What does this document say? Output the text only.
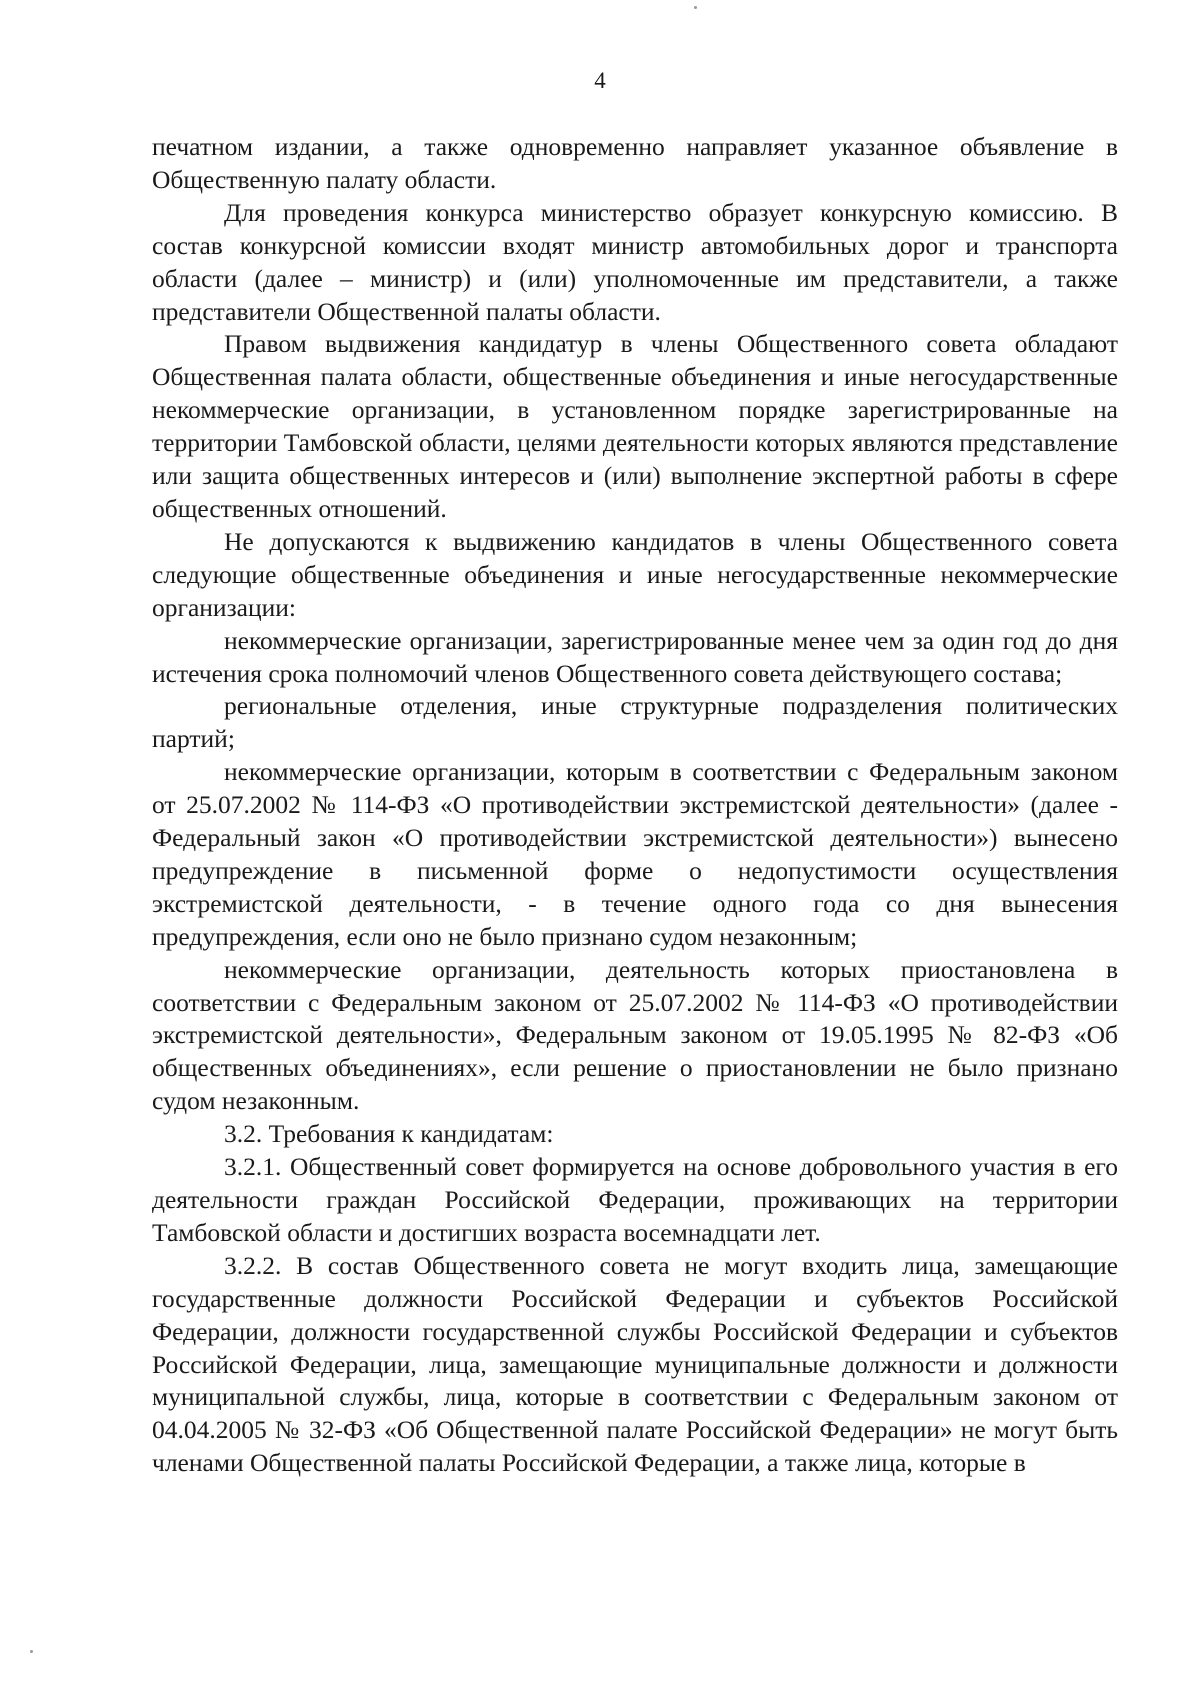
4

печатном издании, а также одновременно направляет указанное объявление в Общественную палату области.

Для проведения конкурса министерство образует конкурсную комиссию. В состав конкурсной комиссии входят министр автомобильных дорог и транспорта области (далее – министр) и (или) уполномоченные им представители, а также представители Общественной палаты области.

Правом выдвижения кандидатур в члены Общественного совета обладают Общественная палата области, общественные объединения и иные негосударственные некоммерческие организации, в установленном порядке зарегистрированные на территории Тамбовской области, целями деятельности которых являются представление или защита общественных интересов и (или) выполнение экспертной работы в сфере общественных отношений.

Не допускаются к выдвижению кандидатов в члены Общественного совета следующие общественные объединения и иные негосударственные некоммерческие организации:

некоммерческие организации, зарегистрированные менее чем за один год до дня истечения срока полномочий членов Общественного совета действующего состава;

региональные отделения, иные структурные подразделения политических партий;

некоммерческие организации, которым в соответствии с Федеральным законом от 25.07.2002 № 114-ФЗ «О противодействии экстремистской деятельности» (далее - Федеральный закон «О противодействии экстремистской деятельности») вынесено предупреждение в письменной форме о недопустимости осуществления экстремистской деятельности, - в течение одного года со дня вынесения предупреждения, если оно не было признано судом незаконным;

некоммерческие организации, деятельность которых приостановлена в соответствии с Федеральным законом от 25.07.2002 № 114-ФЗ «О противодействии экстремистской деятельности», Федеральным законом от 19.05.1995 № 82-ФЗ «Об общественных объединениях», если решение о приостановлении не было признано судом незаконным.

3.2. Требования к кандидатам:

3.2.1. Общественный совет формируется на основе добровольного участия в его деятельности граждан Российской Федерации, проживающих на территории Тамбовской области и достигших возраста восемнадцати лет.

3.2.2. В состав Общественного совета не могут входить лица, замещающие государственные должности Российской Федерации и субъектов Российской Федерации, должности государственной службы Российской Федерации и субъектов Российской Федерации, лица, замещающие муниципальные должности и должности муниципальной службы, лица, которые в соответствии с Федеральным законом от 04.04.2005 № 32-ФЗ «Об Общественной палате Российской Федерации» не могут быть членами Общественной палаты Российской Федерации, а также лица, которые в
